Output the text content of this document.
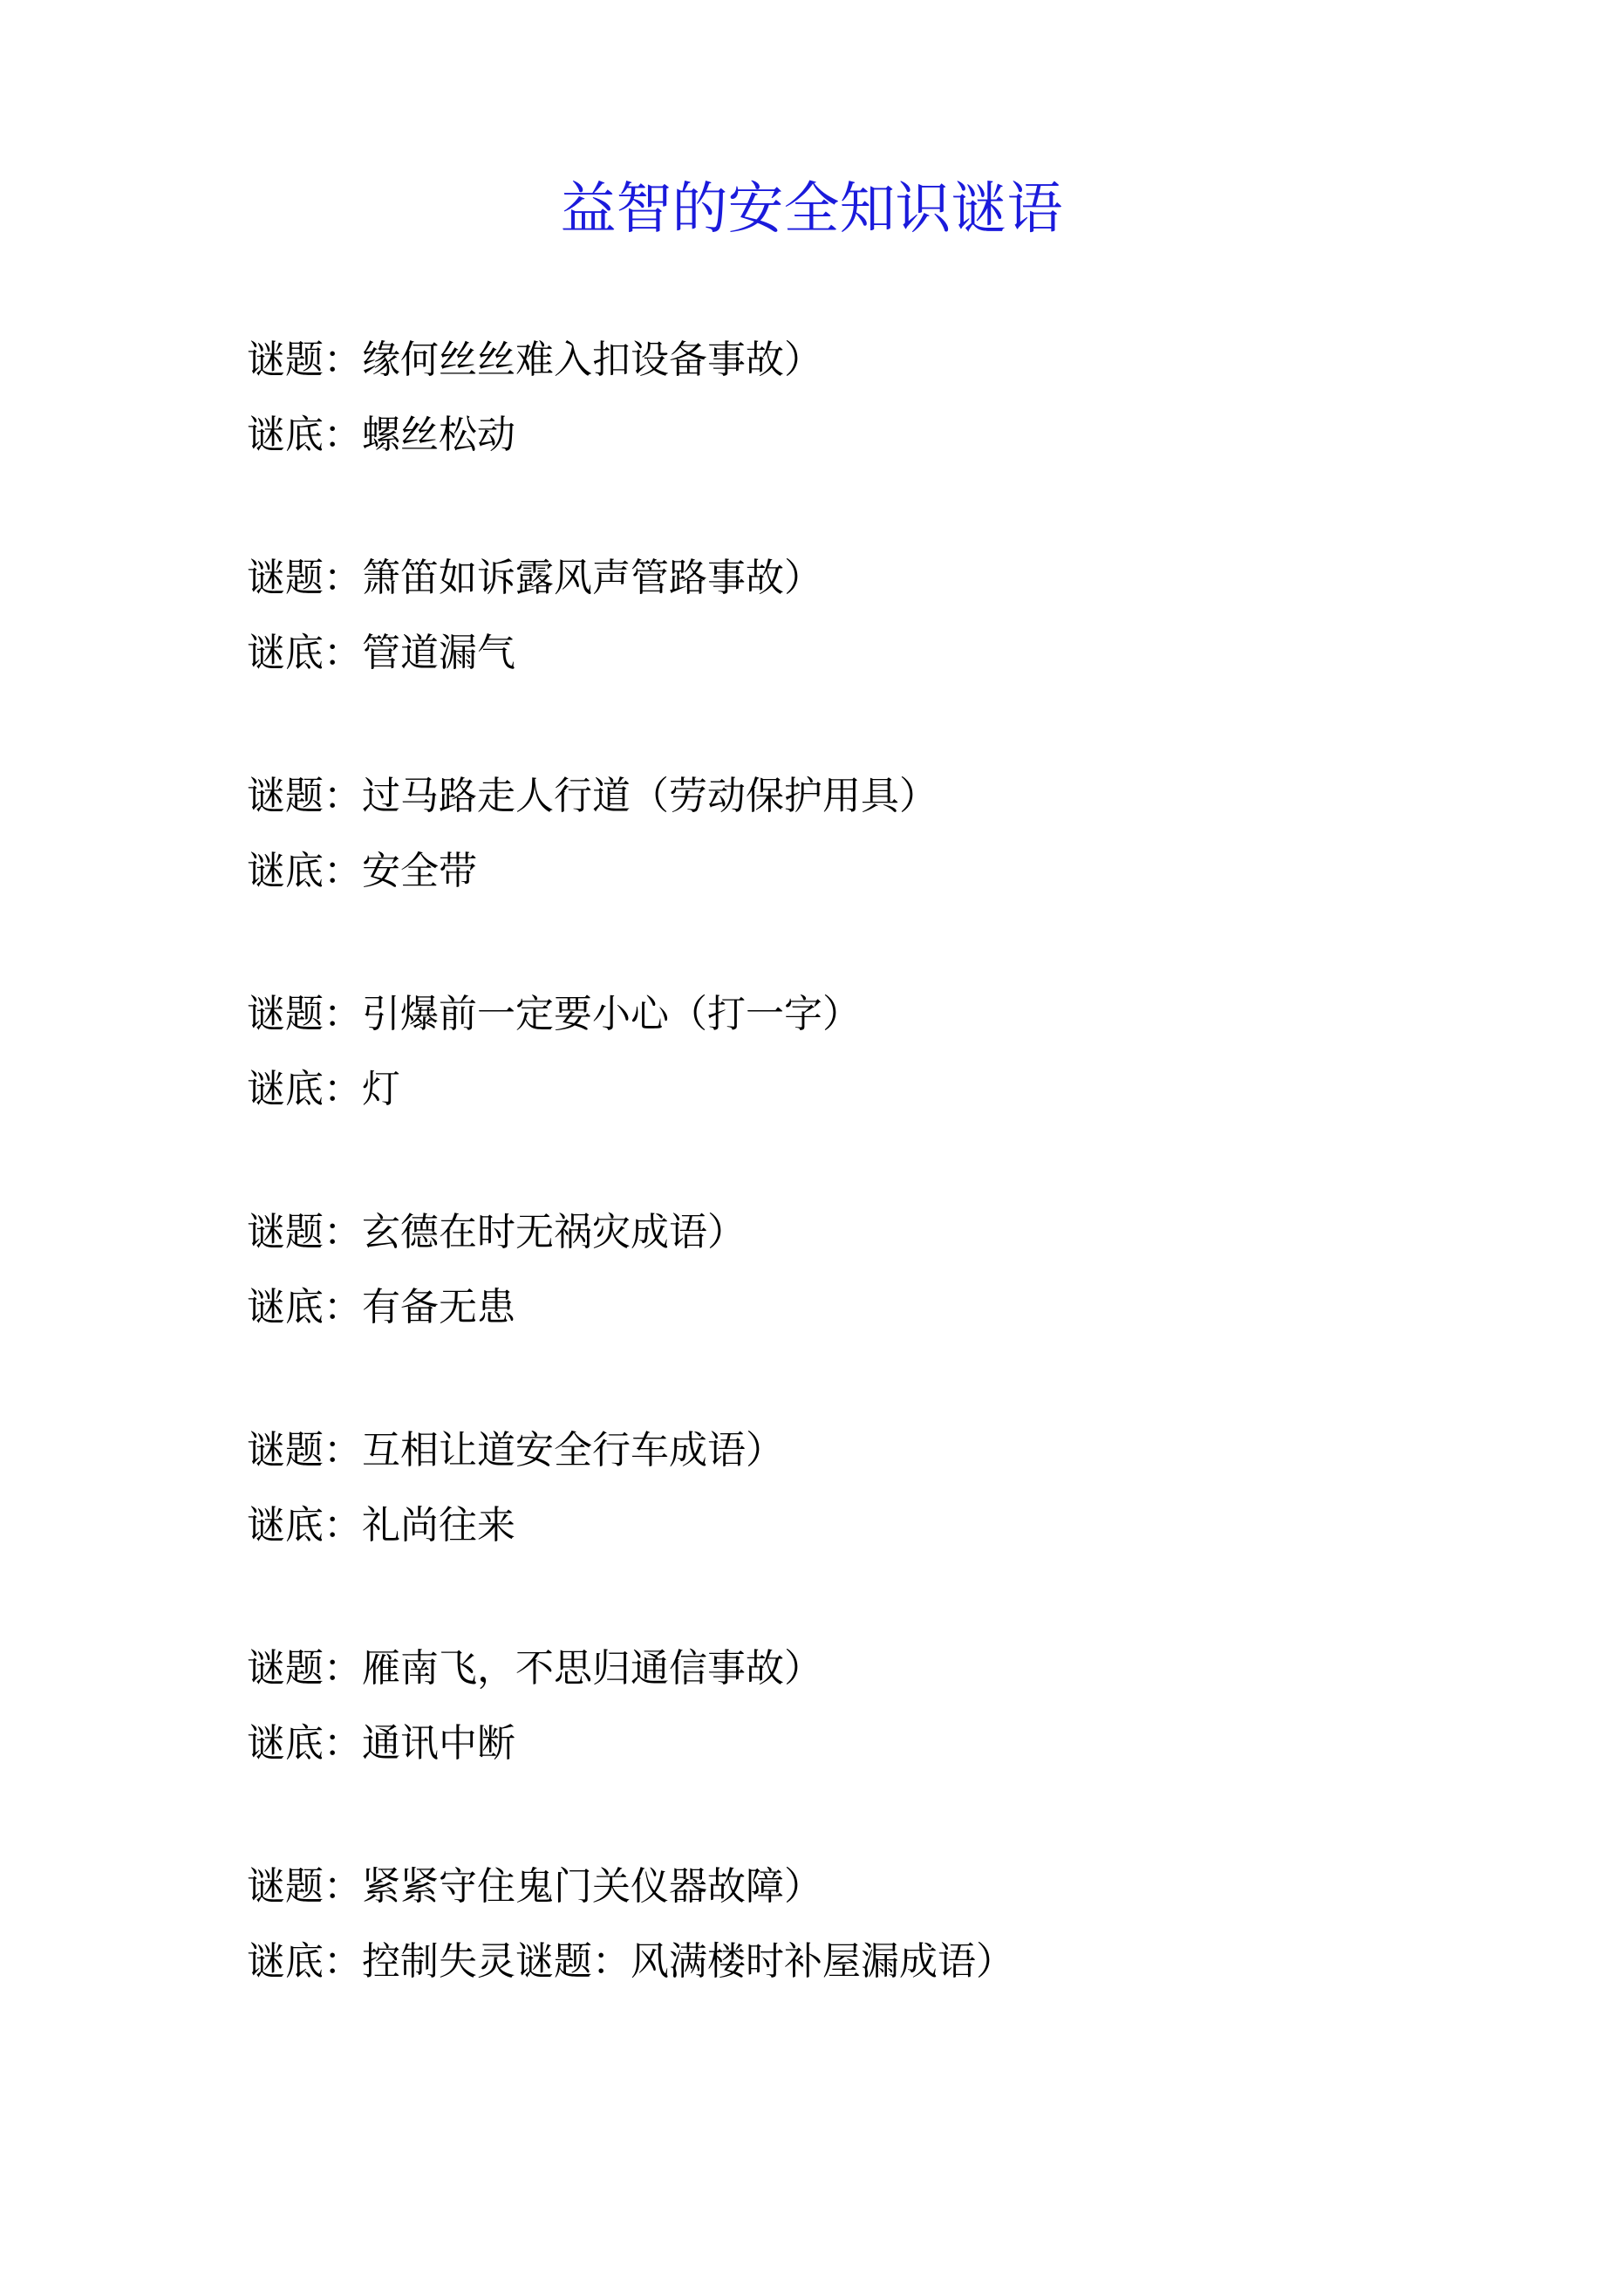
益智的安全知识谜语
谜题：缘何丝丝难入扣设备事故）
谜底：螺丝松动
谜题：箫笛如诉露风声管路事故）
谜底：管道漏气
谜题：过马路走人行道（劳动保护用具）
谜底：安全带
谜题：引爆前一定要小心（打一字）
谜底：灯
谜题：玄德在时无祸灾成语）
谜底：有备无患
谜题：互相让道安全行车成语）
谜底：礼尚往来
谜题：雁南飞，不思归通信事故）
谜底：通讯中断
谜题：紧紧守住鬼门关仪器故障）
谜底：控制失灵谜题：风满楼时补屋漏成语）
